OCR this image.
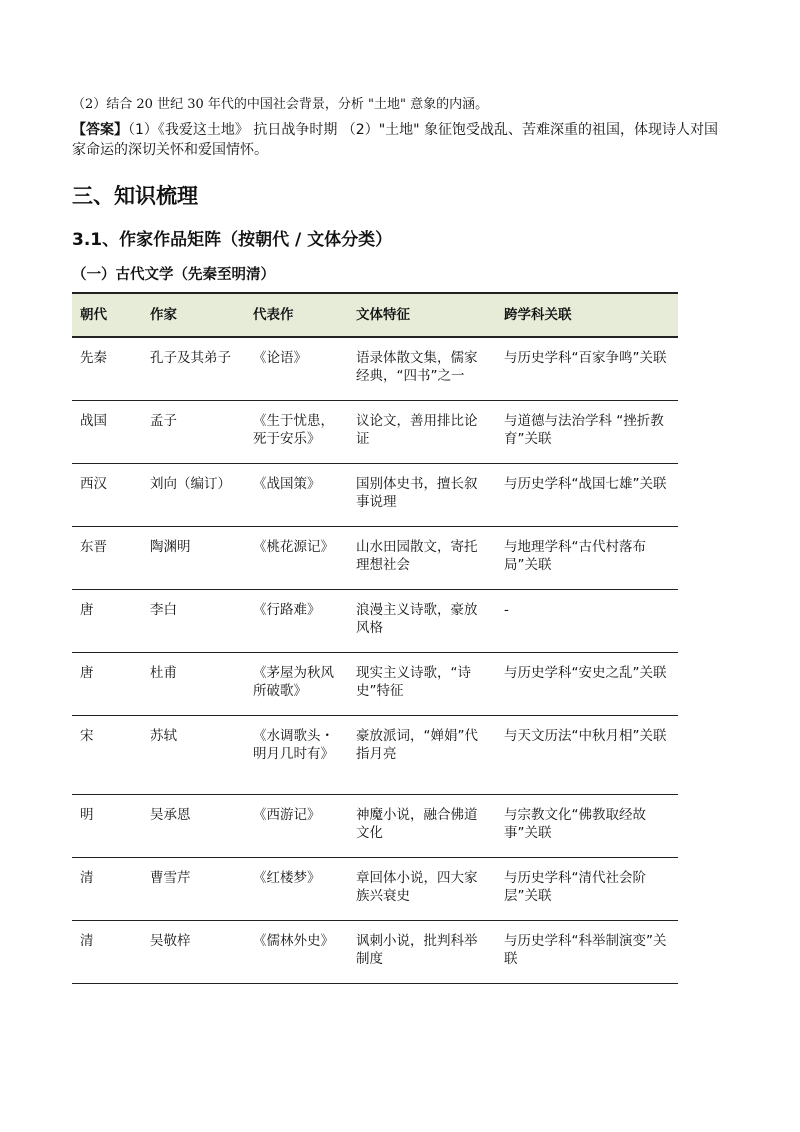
（2）结合 20 世纪 30 年代的中国社会背景，分析 "土地" 意象的内涵。

【答案】（1）《我爱这土地》 抗日战争时期 （2）"土地" 象征饱受战乱、苦难深重的祖国，体现诗人对国家命运的深切关怀和爱国情怀。

三、知识梳理
3.1、作家作品矩阵（按朝代 / 文体分类）
（一）古代文学（先秦至明清）
朝代	作家	代表作	文体特征	跨学科关联
先秦	孔子及其弟子	《论语》	语录体散文集，儒家经典，“四书”之一	与历史学科“百家争鸣”关联
战国	孟子	《生于忧患，死于安乐》	议论文，善用排比论证	与道德与法治学科 “挫折教育”关联
西汉	刘向（编订）	《战国策》	国别体史书，擅长叙事说理	与历史学科“战国七雄”关联
东晋	陶渊明	《桃花源记》	山水田园散文，寄托理想社会	与地理学科“古代村落布局”关联
唐	李白	《行路难》	浪漫主义诗歌，豪放风格	-
唐	杜甫	《茅屋为秋风所破歌》	现实主义诗歌，“诗史”特征	与历史学科“安史之乱”关联
宋	苏轼	《水调歌头・明月几时有》	豪放派词，“婵娟”代指月亮	与天文历法“中秋月相”关联
明	吴承恩	《西游记》	神魔小说，融合佛道文化	与宗教文化“佛教取经故事”关联
清	曹雪芹	《红楼梦》	章回体小说，四大家族兴衰史	与历史学科“清代社会阶层”关联
清	吴敬梓	《儒林外史》	讽刺小说，批判科举制度	与历史学科“科举制演变”关联
